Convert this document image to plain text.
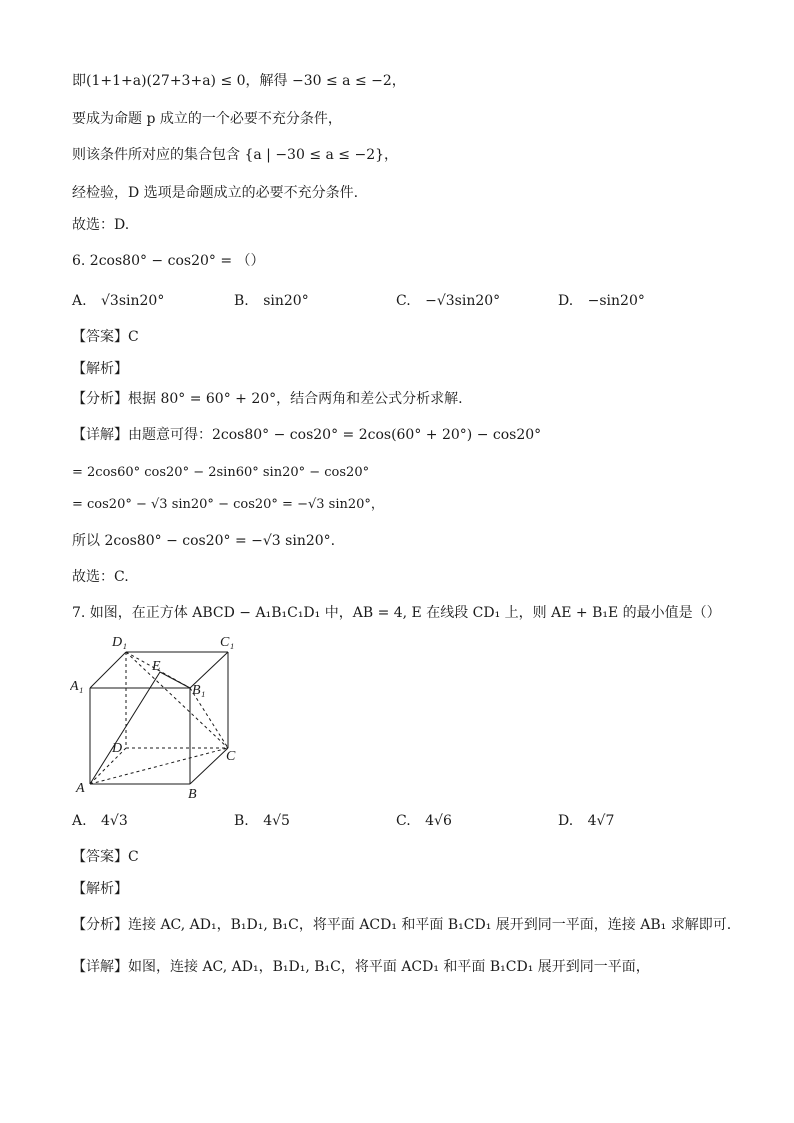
即(1+1+a)(27+3+a) ≤ 0，解得 −30 ≤ a ≤ −2，
要成为命题 p 成立的一个必要不充分条件，
则该条件所对应的集合包含 {a | −30 ≤ a ≤ −2}，
经检验，D 选项是命题成立的必要不充分条件.
故选：D.
6. 2cos80° − cos20° = （）
A. √3sin20°	B. sin20°	C. −√3sin20°	D. −sin20°
【答案】C
【解析】
【分析】根据 80° = 60° + 20°，结合两角和差公式分析求解.
【详解】由题意可得：2cos80° − cos20° = 2cos(60° + 20°) − cos20°
= 2cos60° cos20° − 2sin60° sin20° − cos20°
= cos20° − √3 sin20° − cos20° = −√3 sin20°，
所以 2cos80° − cos20° = −√3 sin20°.
故选：C.
7. 如图，在正方体 ABCD − A₁B₁C₁D₁ 中，AB = 4, E 在线段 CD₁ 上，则 AE + B₁E 的最小值是（）
D₁	C₁
A₁	B₁
E
D
C
A	B
A. 4√3	B. 4√5	C. 4√6	D. 4√7
【答案】C
【解析】
【分析】连接 AC, AD₁，B₁D₁, B₁C，将平面 ACD₁ 和平面 B₁CD₁ 展开到同一平面，连接 AB₁ 求解即可.
【详解】如图，连接 AC, AD₁，B₁D₁, B₁C，将平面 ACD₁ 和平面 B₁CD₁ 展开到同一平面，
